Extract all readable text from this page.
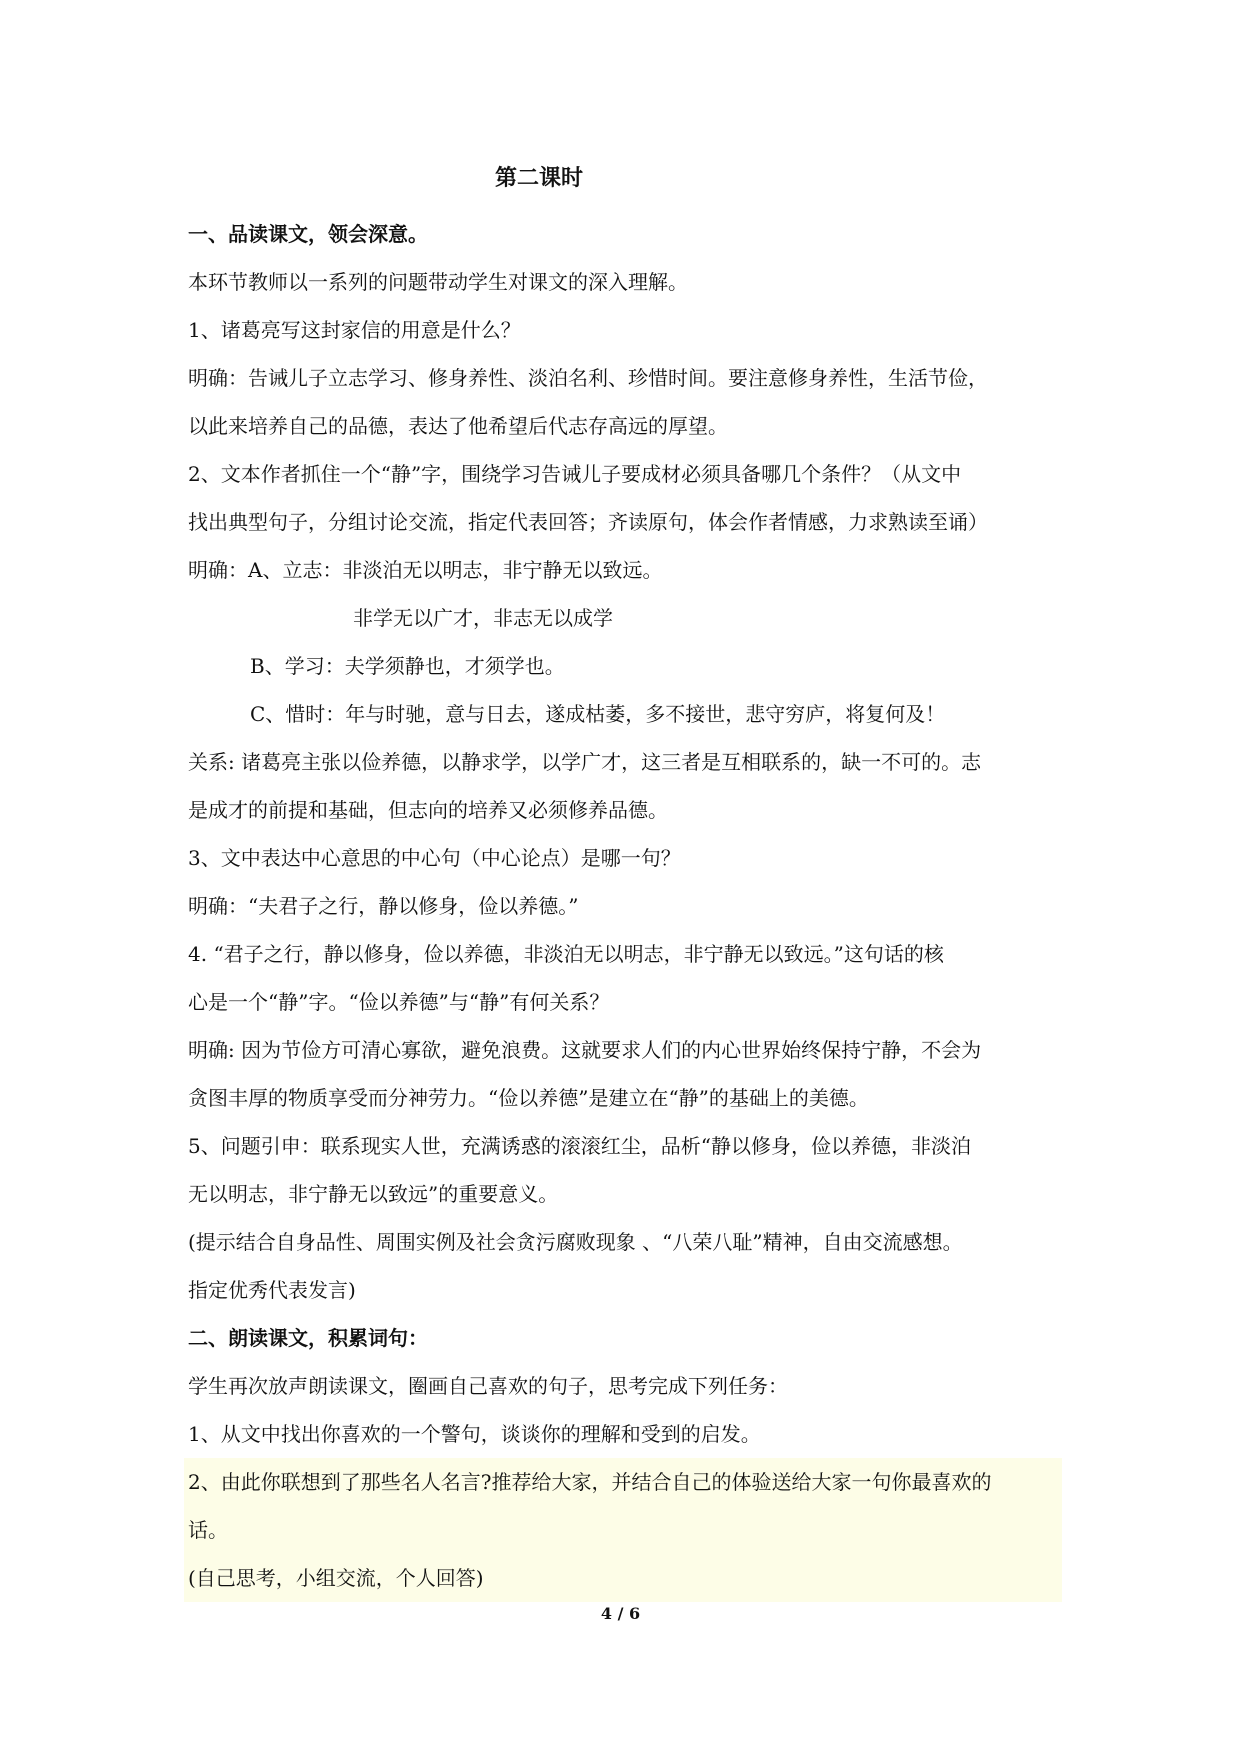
第二课时

一、品读课文，领会深意。

本环节教师以一系列的问题带动学生对课文的深入理解。

1、诸葛亮写这封家信的用意是什么？

明确：告诫儿子立志学习、修身养性、淡泊名利、珍惜时间。要注意修身养性，生活节俭，

以此来培养自己的品德，表达了他希望后代志存高远的厚望。

2、文本作者抓住一个“静”字，围绕学习告诫儿子要成材必须具备哪几个条件？（从文中

找出典型句子，分组讨论交流，指定代表回答；齐读原句，体会作者情感，力求熟读至诵）

明确：A、立志：非淡泊无以明志，非宁静无以致远。

非学无以广才，非志无以成学

B、学习：夫学须静也，才须学也。

C、惜时：年与时驰，意与日去，遂成枯萎，多不接世，悲守穷庐，将复何及！

关系: 诸葛亮主张以俭养德，以静求学，以学广才，这三者是互相联系的，缺一不可的。志

是成才的前提和基础，但志向的培养又必须修养品德。

3、文中表达中心意思的中心句（中心论点）是哪一句？

明确：“夫君子之行，静以修身，俭以养德。”

4. “君子之行，静以修身，俭以养德，非淡泊无以明志，非宁静无以致远。”这句话的核

心是一个“静”字。“俭以养德”与“静”有何关系？

明确: 因为节俭方可清心寡欲，避免浪费。这就要求人们的内心世界始终保持宁静，不会为

贪图丰厚的物质享受而分神劳力。“俭以养德”是建立在“静”的基础上的美德。

5、问题引申：联系现实人世，充满诱惑的滚滚红尘，品析“静以修身，俭以养德，非淡泊

无以明志，非宁静无以致远”的重要意义。

(提示结合自身品性、周围实例及社会贪污腐败现象 、“八荣八耻”精神，自由交流感想。

指定优秀代表发言)

二、朗读课文，积累词句：

学生再次放声朗读课文，圈画自己喜欢的句子，思考完成下列任务：

1、从文中找出你喜欢的一个警句，谈谈你的理解和受到的启发。

2、由此你联想到了那些名人名言?推荐给大家，并结合自己的体验送给大家一句你最喜欢的

话。

(自己思考，小组交流，个人回答)

4 / 6
